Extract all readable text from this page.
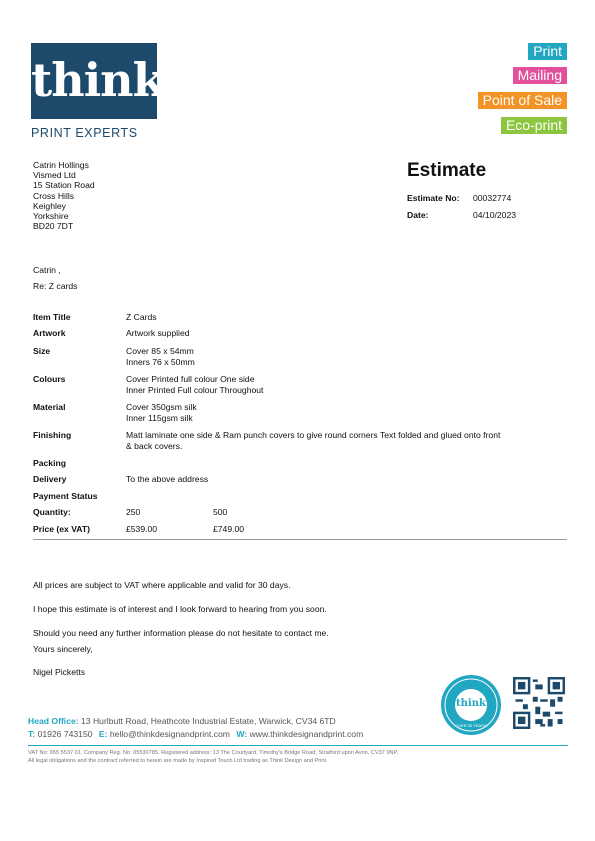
think
PRINT EXPERTS
Print
Mailing
Point of Sale
Eco-print
Catrin Hollings
Vismed Ltd
15 Station Road
Cross Hills
Keighley
Yorkshire
BD20 7DT
Estimate
Estimate No: 00032774
Date:	04/10/2023
Catrin ,
Re: Z cards
Item Title	Z Cards
Artwork	Artwork supplied
Size	Cover 85 x 54mm
Inners 76 x 50mm
Colours	Cover Printed full colour One side
Inner Printed Full colour Throughout
Material	Cover 350gsm silk
Inner 115gsm silk
Finishing	Matt laminate one side & Ram punch covers to give round corners Text folded and glued onto front
& back covers.
Packing
Delivery	To the above address
Payment Status
Quantity:	250	500
Price (ex VAT)	£539.00	£749.00
All prices are subject to VAT where applicable and valid for 30 days.
I hope this estimate is of interest and I look forward to hearing from you soon.
Should you need any further information please do not hesitate to contact me.
Yours sincerely,
Nigel Picketts
think
OVER 30 YEARS
Head Office: 13 Hurlbutt Road, Heathcote Industrial Estate, Warwick, CV34 6TD
T: 01926 743150 E: hello@thinkdesignandprint.com W: www.thinkdesignandprint.com
VAT No: 655 5537 01. Company Reg. No: 05530785. Registered address: 13 The Courtyard, Timothy's Bridge Road, Stratford upon Avon, CV37 9NP.
All legal obligations and the contract referred to herein are made by Inspired Touch Ltd trading as Think Design and Print.
